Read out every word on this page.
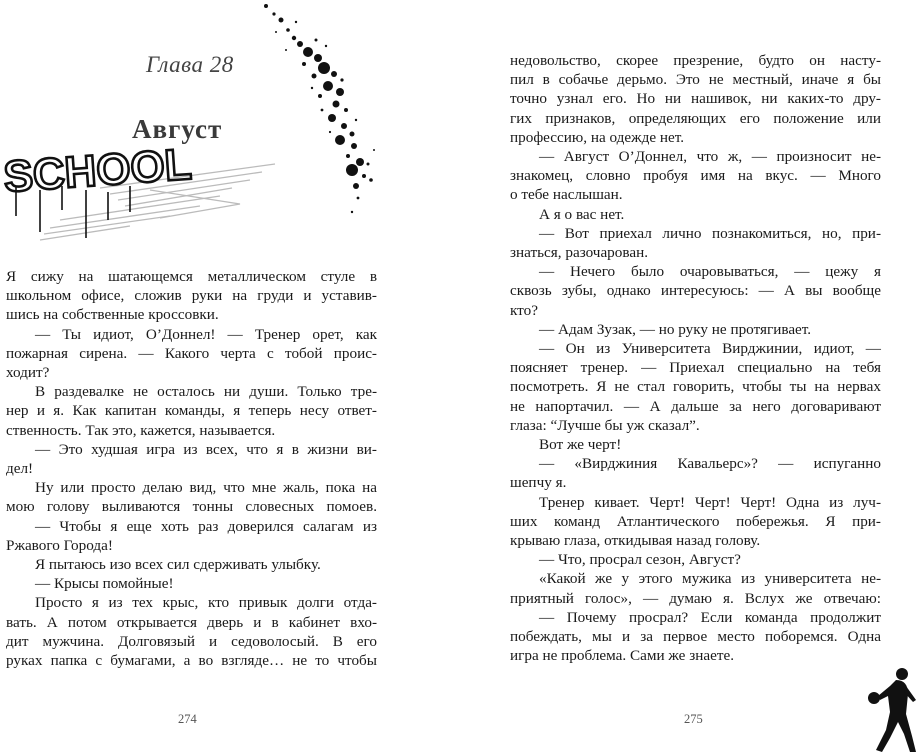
Глава 28
Август
SCHOOL
Я сижу на шатающемся металлическом стуле в
школьном офисе, сложив руки на груди и уставив-
шись на собственные кроссовки.
— Ты идиот, О’Доннел! — Тренер орет, как
пожарная сирена. — Какого черта с тобой проис-
ходит?
В раздевалке не осталось ни души. Только тре-
нер и я. Как капитан команды, я теперь несу ответ-
ственность. Так это, кажется, называется.
— Это худшая игра из всех, что я в жизни ви-
дел!
Ну или просто делаю вид, что мне жаль, пока на
мою голову выливаются тонны словесных помоев.
— Чтобы я еще хоть раз доверился салагам из
Ржавого Города!
Я пытаюсь изо всех сил сдерживать улыбку.
— Крысы помойные!
Просто я из тех крыс, кто привык долги отдa-
вать. А потом открывается дверь и в кабинет вхо-
дит мужчина. Долговязый и седоволосый. В его
руках папка с бумагами, а во взгляде… не то чтобы
274
недовольство, скорее презрение, будто он насту-
пил в собачье дерьмо. Это не местный, иначе я бы
точно узнал его. Но ни нашивок, ни каких-то дру-
гих признаков, определяющих его положение или
профессию, на одежде нет.
— Август О’Доннел, что ж, — произносит не-
знакомец, словно пробуя имя на вкус. — Много
о тебе наслышан.
А я о вас нет.
— Вот приехал лично познакомиться, но, при-
знаться, разочарован.
— Нечего было очаровываться, — цежу я
сквозь зубы, однако интересуюсь: — А вы вообще
кто?
— Адам Зузак, — но руку не протягивает.
— Он из Университета Вирджинии, идиот, —
поясняет тренер. — Приехал специально на тебя
посмотреть. Я не стал говорить, чтобы ты на нервах
не напортачил. — А дальше за него договаривают
глаза: “Лучше бы уж сказал”.
Вот же черт!
— «Вирджиния Кавальерс»? — испуганно
шепчу я.
Тренер кивает. Черт! Черт! Черт! Одна из луч-
ших команд Атлантического побережья. Я при-
крываю глаза, откидывая назад голову.
— Что, просрал сезон, Август?
«Какой же у этого мужика из университета не-
приятный голос», — думаю я. Вслух же отвечаю:
— Почему просрал? Если команда продолжит
побеждать, мы и за первое место поборемся. Одна
игра не проблема. Сами же знаете.
275
